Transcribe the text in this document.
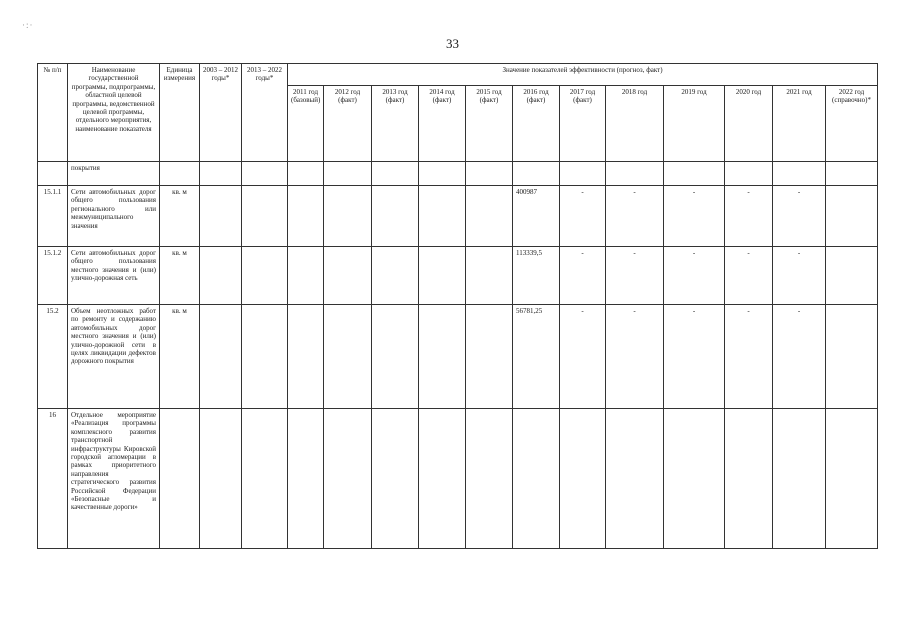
33
·:·
№ п/п	Наименование государственной программы, подпрограммы, областной целевой программы, ведомственной целевой программы, отдельного мероприятия, наименование показателя	Единица измерения	2003 – 2012 годы*	2013 – 2022 годы*	Значение показателей эффективности (прогноз, факт)											
					2011 год (базовый)	2012 год (факт)	2013 год (факт)	2014 год (факт)	2015 год (факт)	2016 год (факт)	2017 год (факт)	2018 год	2019 год	2020 год	2021 год	2022 год (справочно)*
	покрытия															
15.1.1	Сети автомобильных дорог общего пользования регионального или межмуниципального значения	кв. м								400987	-	-	-	-	-	
15.1.2	Сети автомобильных дорог общего пользования местного значения и (или) улично-дорожная сеть	кв. м								113339,5	-	-	-	-	-	
15.2	Объем неотложных работ по ремонту и содержанию автомобильных дорог местного значения и (или) улично-дорожной сети в целях ликвидации дефектов дорожного покрытия	кв. м								56781,25	-	-	-	-	-	
16	Отдельное мероприятие «Реализация программы комплексного развития транспортной инфраструктуры Кировской городской агломерации в рамках приоритетного направления стратегического развития Российской Федерации «Безопасные и качественные дороги»															
